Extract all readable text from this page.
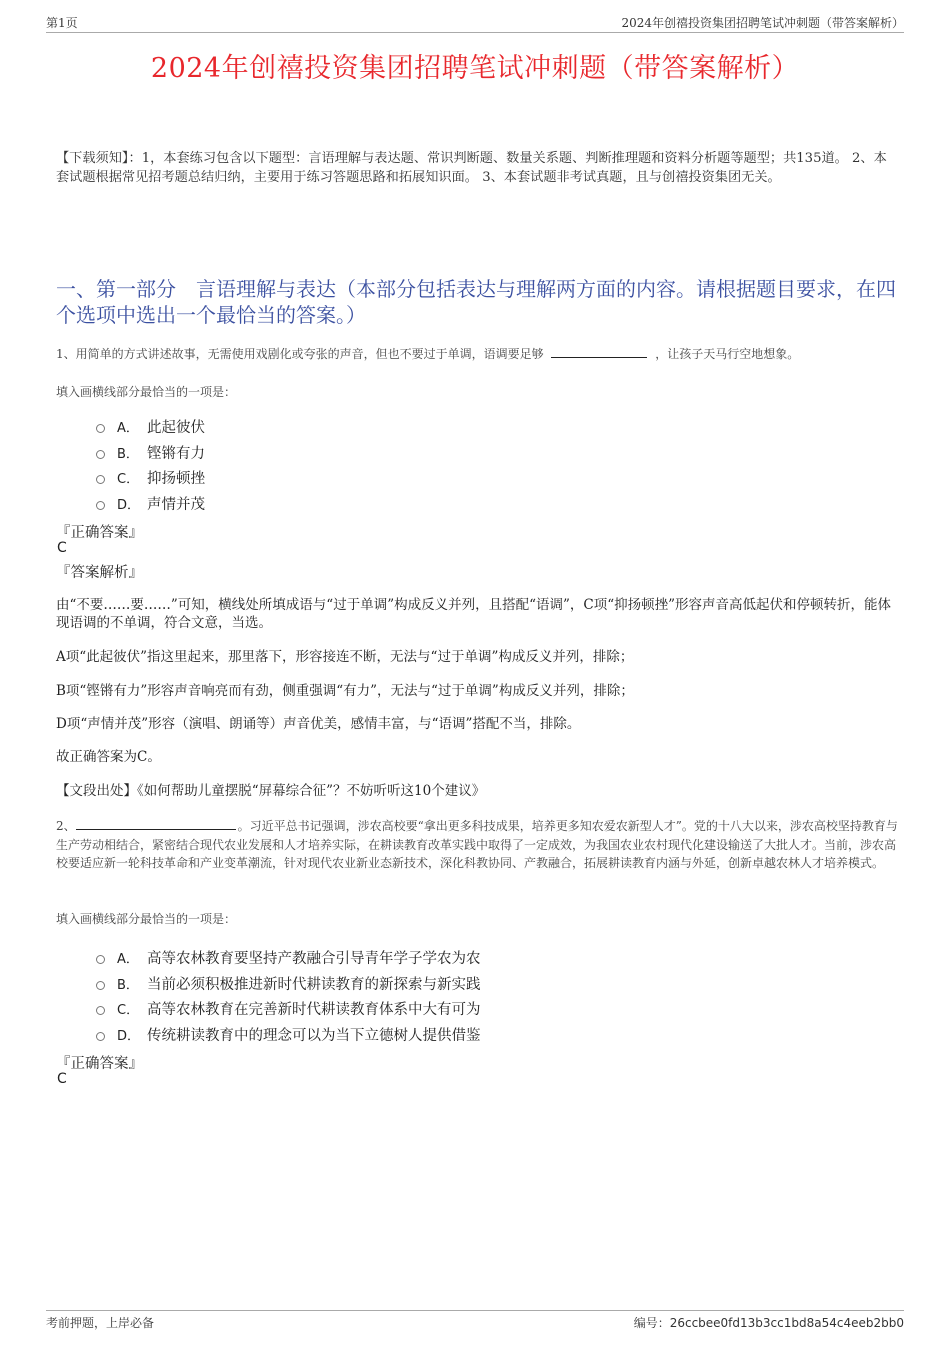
第1页	2024年创禧投资集团招聘笔试冲刺题（带答案解析）
2024年创禧投资集团招聘笔试冲刺题（带答案解析）
【下载须知】：1，本套练习包含以下题型：言语理解与表达题、常识判断题、数量关系题、判断推理题和资料分析题等题型；共135道。 2、本套试题根据常见招考题总结归纳，主要用于练习答题思路和拓展知识面。 3、本套试题非考试真题，且与创禧投资集团无关。
一、第一部分　言语理解与表达（本部分包括表达与理解两方面的内容。请根据题目要求，在四个选项中选出一个最恰当的答案。）
1、用简单的方式讲述故事，无需使用戏剧化或夸张的声音，但也不要过于单调，语调要足够	，让孩子天马行空地想象。
填入画横线部分最恰当的一项是：
A． 此起彼伏
B． 铿锵有力
C． 抑扬顿挫
D． 声情并茂
『正确答案』
C
『答案解析』
由“不要……要……”可知，横线处所填成语与“过于单调”构成反义并列，且搭配“语调”，C项“抑扬顿挫”形容声音高低起伏和停顿转折，能体现语调的不单调，符合文意，当选。
A项“此起彼伏”指这里起来，那里落下，形容接连不断，无法与“过于单调”构成反义并列，排除；
B项“铿锵有力”形容声音响亮而有劲，侧重强调“有力”，无法与“过于单调”构成反义并列，排除；
D项“声情并茂”形容（演唱、朗诵等）声音优美，感情丰富，与“语调”搭配不当，排除。
故正确答案为C。
【文段出处】《如何帮助儿童摆脱“屏幕综合征”？不妨听听这10个建议》
2、	。习近平总书记强调，涉农高校要“拿出更多科技成果，培养更多知农爱农新型人才”。党的十八大以来，涉农高校坚持教育与生产劳动相结合，紧密结合现代农业发展和人才培养实际，在耕读教育改革实践中取得了一定成效，为我国农业农村现代化建设输送了大批人才。当前，涉农高校要适应新一轮科技革命和产业变革潮流，针对现代农业新业态新技术，深化科教协同、产教融合，拓展耕读教育内涵与外延，创新卓越农林人才培养模式。
填入画横线部分最恰当的一项是：
A． 高等农林教育要坚持产教融合引导青年学子学农为农
B． 当前必须积极推进新时代耕读教育的新探索与新实践
C． 高等农林教育在完善新时代耕读教育体系中大有可为
D． 传统耕读教育中的理念可以为当下立德树人提供借鉴
『正确答案』
C
考前押题，上岸必备	编号：26ccbee0fd13b3cc1bd8a54c4eeb2bb0
